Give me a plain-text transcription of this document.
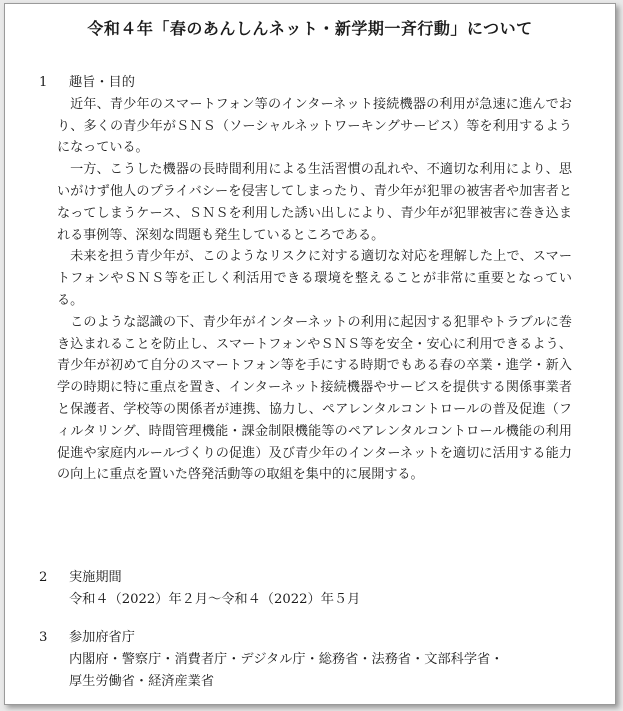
令和４年「春のあんしんネット・新学期一斉行動」について
1 趣旨・目的

近年、青少年のスマートフォン等のインターネット接続機器の利用が急速に進んでおり、多くの青少年がＳＮＳ（ソーシャルネットワーキングサービス）等を利用するようになっている。

一方、こうした機器の長時間利用による生活習慣の乱れや、不適切な利用により、思いがけず他人のプライバシーを侵害してしまったり、青少年が犯罪の被害者や加害者となってしまうケース、ＳＮＳを利用した誘い出しにより、青少年が犯罪被害に巻き込まれる事例等、深刻な問題も発生しているところである。

未来を担う青少年が、このようなリスクに対する適切な対応を理解した上で、スマートフォンやＳＮＳ等を正しく利活用できる環境を整えることが非常に重要となっている。

このような認識の下、青少年がインターネットの利用に起因する犯罪やトラブルに巻き込まれることを防止し、スマートフォンやＳＮＳ等を安全・安心に利用できるよう、青少年が初めて自分のスマートフォン等を手にする時期でもある春の卒業・進学・新入学の時期に特に重点を置き、インターネット接続機器やサービスを提供する関係事業者と保護者、学校等の関係者が連携、協力し、ペアレンタルコントロールの普及促進（フィルタリング、時間管理機能・課金制限機能等のペアレンタルコントロール機能の利用促進や家庭内ルールづくりの促進）及び青少年のインターネットを適切に活用する能力の向上に重点を置いた啓発活動等の取組を集中的に展開する。

2 実施期間
令和４（2022）年２月～令和４（2022）年５月
3 参加府省庁
内閣府・警察庁・消費者庁・デジタル庁・総務省・法務省・文部科学省・
厚生労働省・経済産業省
